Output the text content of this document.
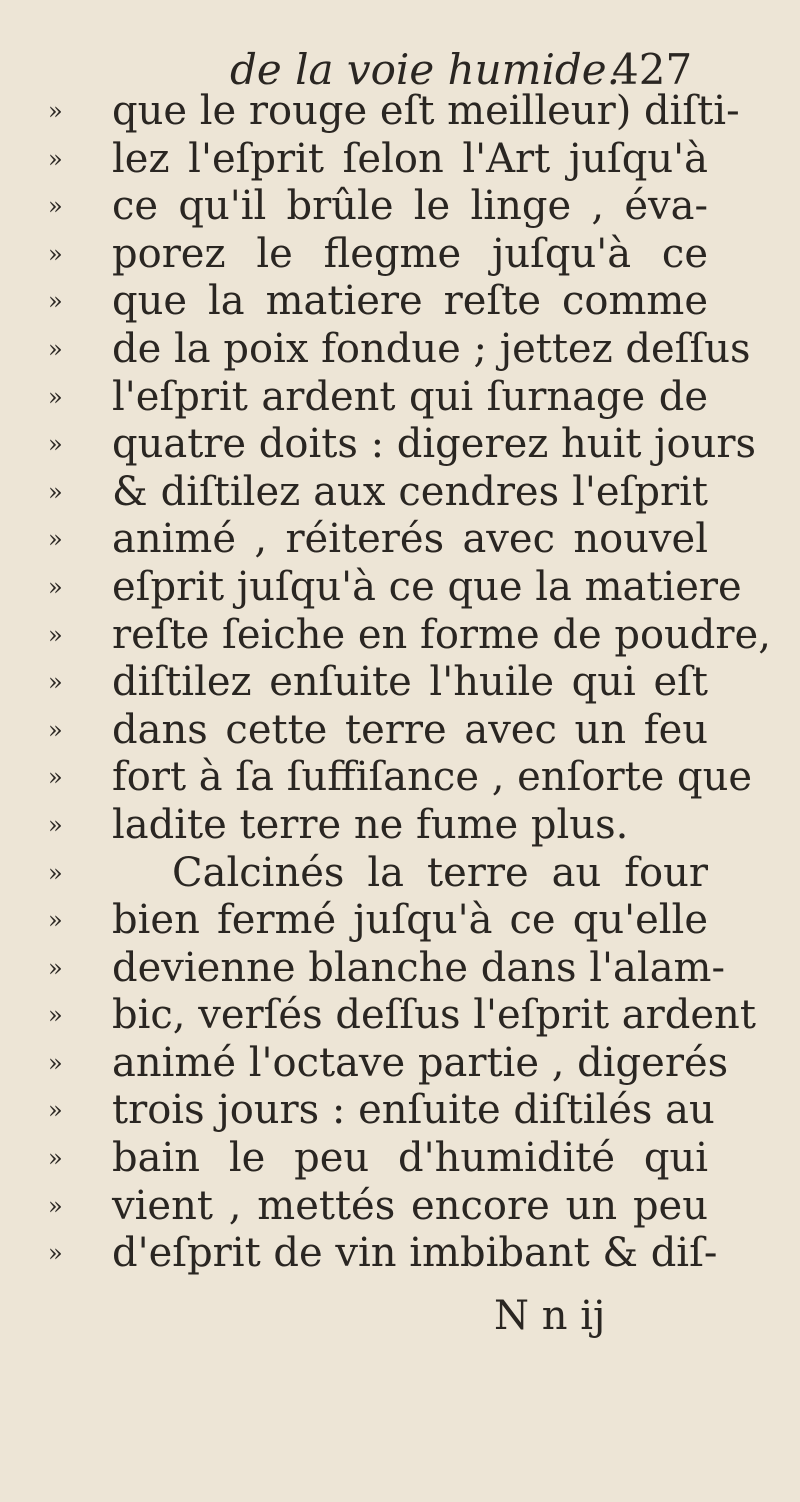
de la voie humide.
427
» que le rouge eſt meilleur) diſti-
» lez l'eſprit ſelon l'Art juſqu'à
» ce qu'il brûle le linge , éva-
» porez le flegme juſqu'à ce
» que la matiere reſte comme
» de la poix fondue ; jettez deſſus
» l'eſprit ardent qui ſurnage de
» quatre doits : digerez huit jours
» & diſtilez aux cendres l'eſprit
» animé , réiterés avec nouvel
» eſprit juſqu'à ce que la matiere
» reſte ſeiche en forme de poudre,
» diſtilez enſuite l'huile qui eſt
» dans cette terre avec un feu
» fort à ſa ſuffiſance , enſorte que
» ladite terre ne fume plus.
»	Calcinés la terre au four
» bien fermé juſqu'à ce qu'elle
» devienne blanche dans l'alam-
» bic, verſés deſſus l'eſprit ardent
» animé l'octave partie , digerés
» trois jours : enſuite diſtilés au
» bain le peu d'humidité qui
» vient , mettés encore un peu
» d'eſprit de vin imbibant & diſ-
N n ij
